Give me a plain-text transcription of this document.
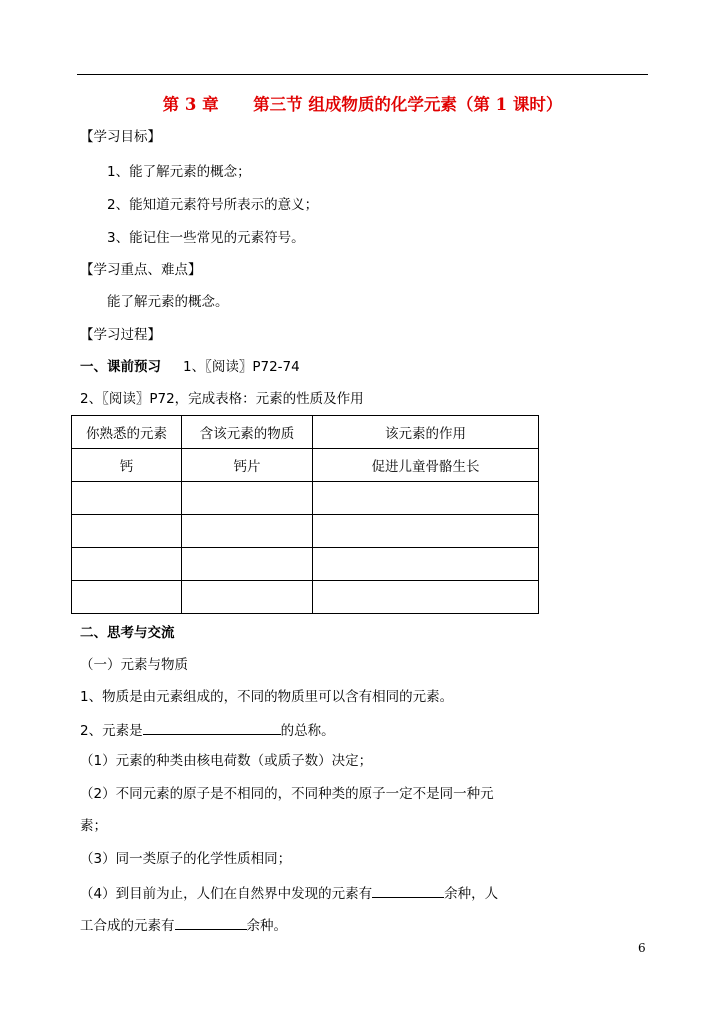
第 3 章      第三节 组成物质的化学元素（第 1 课时）
【学习目标】
1、能了解元素的概念；
2、能知道元素符号所表示的意义；
3、能记住一些常见的元素符号。
【学习重点、难点】
能了解元素的概念。
【学习过程】
一、课前预习 1、〖阅读〗P72-74
2、〖阅读〗P72，完成表格：元素的性质及作用
你熟悉的元素	含该元素的物质	该元素的作用
钙	钙片	促进儿童骨骼生长

二、思考与交流
（一）元素与物质
1、物质是由元素组成的，不同的物质里可以含有相同的元素。
2、元素是	的总称。
（1）元素的种类由核电荷数（或质子数）决定；
（2）不同元素的原子是不相同的，不同种类的原子一定不是同一种元
素；
（3）同一类原子的化学性质相同；
（4）到目前为止，人们在自然界中发现的元素有	余种，人
工合成的元素有	余种。
6
